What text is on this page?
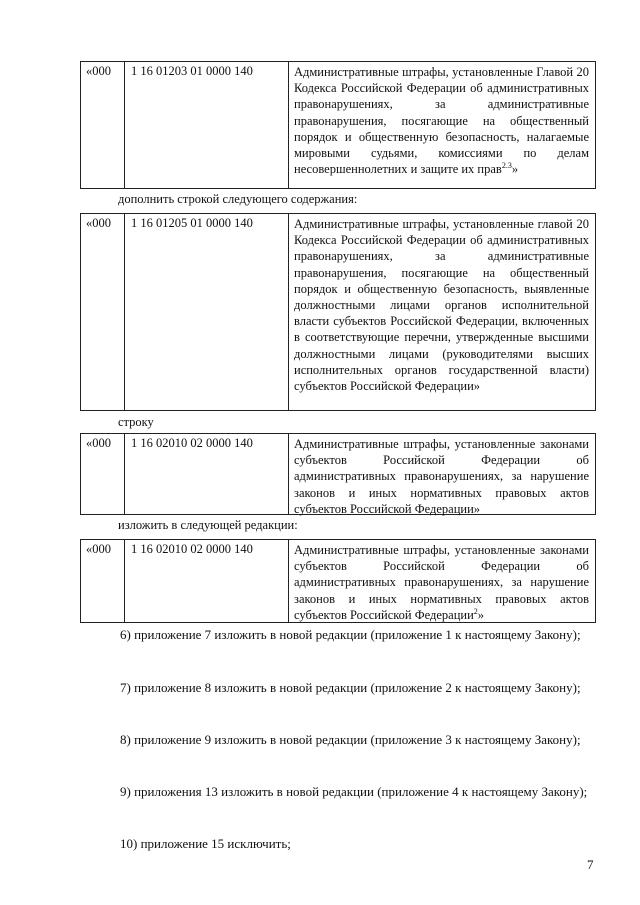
«000	1 16 01203 01 0000 140	Административные штрафы, установленные Главой 20 Кодекса Российской Федерации об административных правонарушениях, за административные правонарушения, посягающие на общественный порядок и общественную безопасность, налагаемые мировыми судьями, комиссиями по делам несовершеннолетних и защите их прав$^{2.3}$»

дополнить строкой следующего содержания:

«000	1 16 01205 01 0000 140	Административные штрафы, установленные главой 20 Кодекса Российской Федерации об административных правонарушениях, за административные правонарушения, посягающие на общественный порядок и общественную безопасность, выявленные должностными лицами органов исполнительной власти субъектов Российской Федерации, включенных в соответствующие перечни, утвержденные высшими должностными лицами (руководителями высших исполнительных органов государственной власти) субъектов Российской Федерации»

строку

«000	1 16 02010 02 0000 140	Административные штрафы, установленные законами субъектов Российской Федерации об административных правонарушениях, за нарушение законов и иных нормативных правовых актов субъектов Российской Федерации»

изложить в следующей редакции:

«000	1 16 02010 02 0000 140	Административные штрафы, установленные законами субъектов Российской Федерации об административных правонарушениях, за нарушение законов и иных нормативных правовых актов субъектов Российской Федерации$^2$»

6) приложение 7 изложить в новой редакции (приложение 1 к настоящему Закону);

7) приложение 8 изложить в новой редакции (приложение 2 к настоящему Закону);

8) приложение 9 изложить в новой редакции (приложение 3 к настоящему Закону);

9) приложения 13 изложить в новой редакции (приложение 4 к настоящему Закону);

10) приложение 15 исключить;

7
